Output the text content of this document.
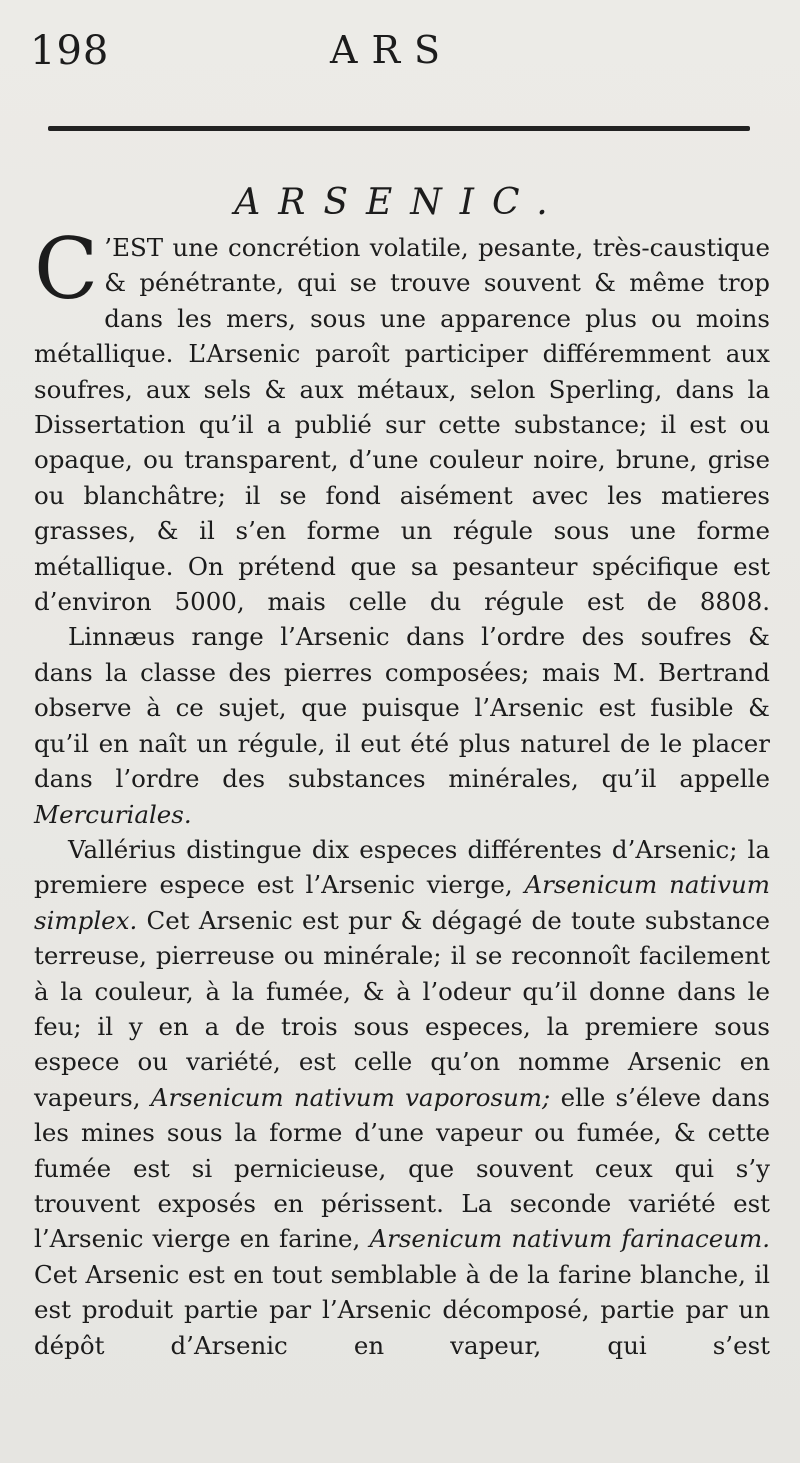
198	ARS
ARSENIC.

C ’EST une concrétion volatile, pesante, très-caustique & pénétrante, qui se trouve souvent & même trop dans les mers, sous une apparence plus ou moins métallique. L’Arsenic paroît participer différemment aux soufres, aux sels & aux métaux, selon Sperling, dans la Dissertation qu’il a publié sur cette substance; il est ou opaque, ou transparent, d’une couleur noire, brune, grise ou blanchâtre; il se fond aisément avec les matieres grasses, & il s’en forme un régule sous une forme métallique. On prétend que sa pesanteur spécifique est d’environ 5000, mais celle du régule est de 8808.

Linnæus range l’Arsenic dans l’ordre des soufres & dans la classe des pierres composées; mais M. Bertrand observe à ce sujet, que puisque l’Arsenic est fusible & qu’il en naît un régule, il eut été plus naturel de le placer dans l’ordre des substances minérales, qu’il appelle Mercuriales.

Vallérius distingue dix especes différentes d’Arsenic; la premiere espece est l’Arsenic vierge, Arsenicum nativum simplex. Cet Arsenic est pur & dégagé de toute substance terreuse, pierreuse ou minérale; il se reconnoît facilement à la couleur, à la fumée, & à l’odeur qu’il donne dans le feu; il y en a de trois sous especes, la premiere sous espece ou variété, est celle qu’on nomme Arsenic en vapeurs, Arsenicum nativum vaporosum; elle s’éleve dans les mines sous la forme d’une vapeur ou fumée, & cette fumée est si pernicieuse, que souvent ceux qui s’y trouvent exposés en périssent. La seconde variété est l’Arsenic vierge en farine, Arsenicum nativum farinaceum. Cet Arsenic est en tout semblable à de la farine blanche, il est produit partie par l’Arsenic décomposé, partie par un dépôt d’Arsenic en vapeur, qui s’est
